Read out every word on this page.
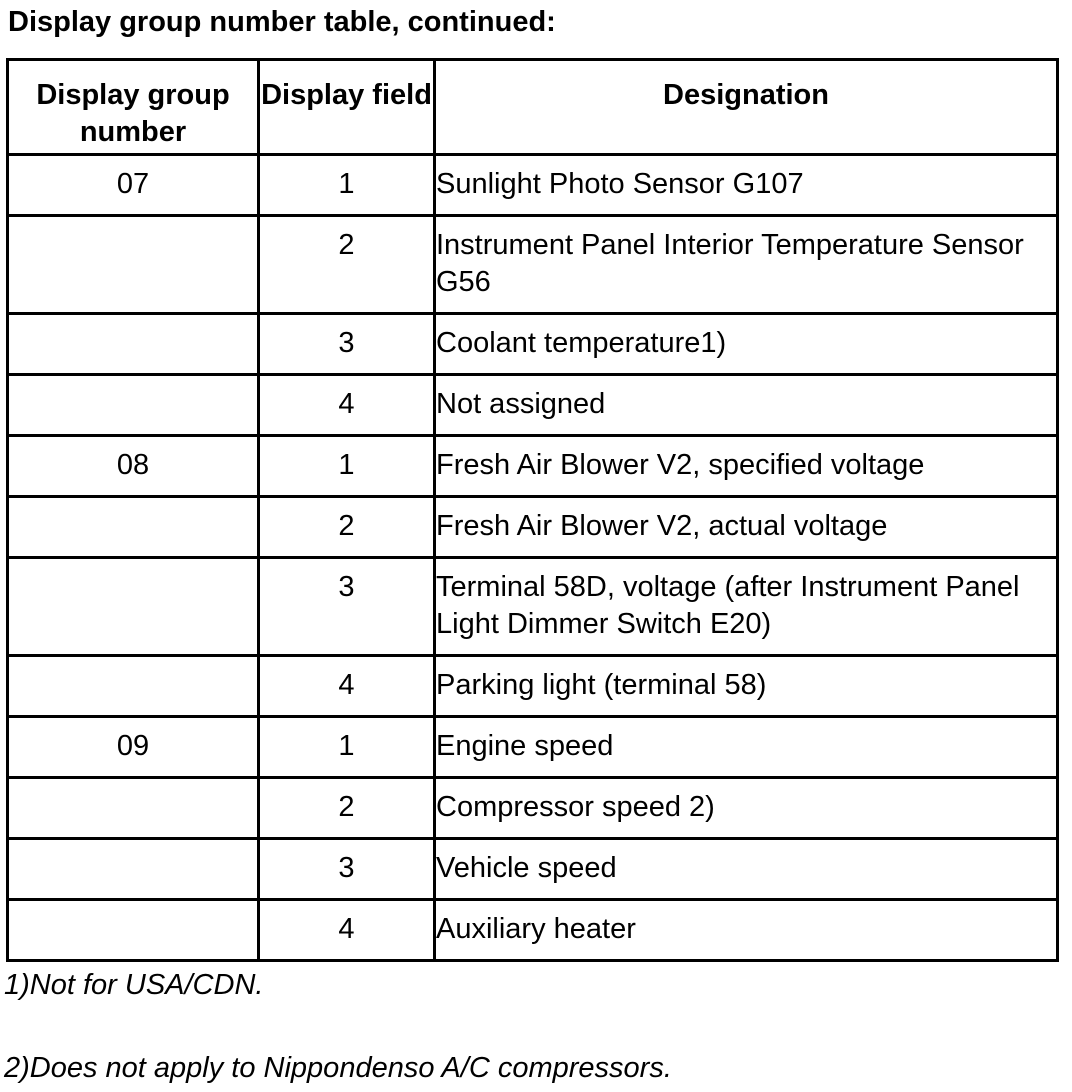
Display group number table, continued:
Display group number	Display field	Designation
07	1	Sunlight Photo Sensor G107
	2	Instrument Panel Interior Temperature Sensor G56
	3	Coolant temperature1)
	4	Not assigned
08	1	Fresh Air Blower V2, specified voltage
	2	Fresh Air Blower V2, actual voltage
	3	Terminal 58D, voltage (after Instrument Panel Light Dimmer Switch E20)
	4	Parking light (terminal 58)
09	1	Engine speed
	2	Compressor speed 2)
	3	Vehicle speed
	4	Auxiliary heater
1)Not for USA/CDN.
2)Does not apply to Nippondenso A/C compressors.
